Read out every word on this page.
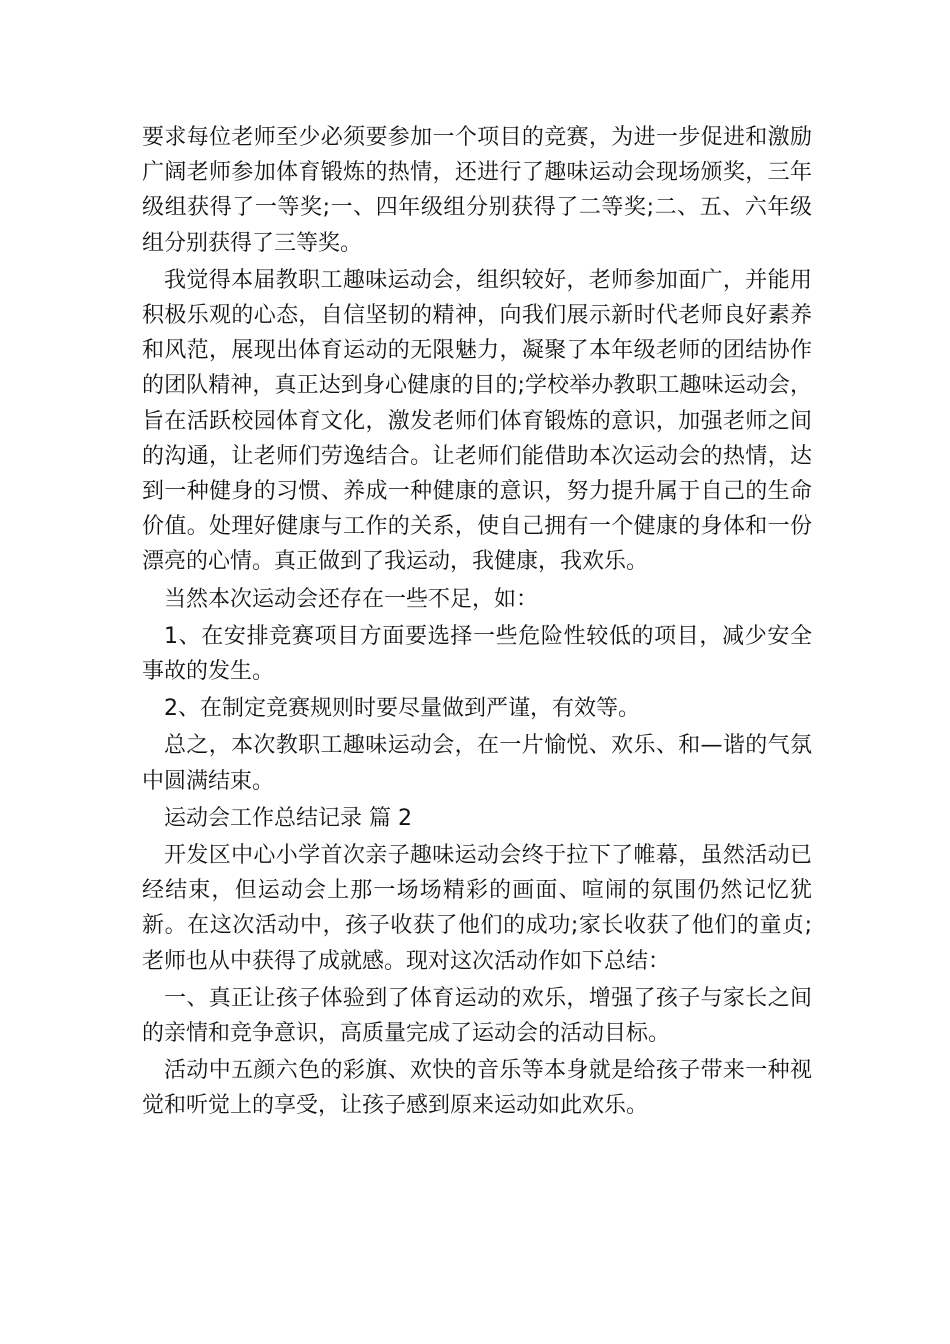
要求每位老师至少必须要参加一个项目的竞赛，为进一步促进和激励广阔老师参加体育锻炼的热情，还进行了趣味运动会现场颁奖，三年级组获得了一等奖;一、四年级组分别获得了二等奖;二、五、六年级组分别获得了三等奖。

我觉得本届教职工趣味运动会，组织较好，老师参加面广，并能用积极乐观的心态，自信坚韧的精神，向我们展示新时代老师良好素养和风范，展现出体育运动的无限魅力，凝聚了本年级老师的团结协作的团队精神，真正达到身心健康的目的;学校举办教职工趣味运动会，旨在活跃校园体育文化，激发老师们体育锻炼的意识，加强老师之间的沟通，让老师们劳逸结合。让老师们能借助本次运动会的热情，达到一种健身的习惯、养成一种健康的意识，努力提升属于自己的生命价值。处理好健康与工作的关系，使自己拥有一个健康的身体和一份漂亮的心情。真正做到了我运动，我健康，我欢乐。

当然本次运动会还存在一些不足，如：

1、在安排竞赛项目方面要选择一些危险性较低的项目，减少安全事故的发生。

2、在制定竞赛规则时要尽量做到严谨，有效等。

总之，本次教职工趣味运动会，在一片愉悦、欢乐、和—谐的气氛中圆满结束。

运动会工作总结记录 篇 2

开发区中心小学首次亲子趣味运动会终于拉下了帷幕，虽然活动已经结束，但运动会上那一场场精彩的画面、喧闹的氛围仍然记忆犹新。在这次活动中，孩子收获了他们的成功;家长收获了他们的童贞;老师也从中获得了成就感。现对这次活动作如下总结：

一、真正让孩子体验到了体育运动的欢乐，增强了孩子与家长之间的亲情和竞争意识，高质量完成了运动会的活动目标。

活动中五颜六色的彩旗、欢快的音乐等本身就是给孩子带来一种视觉和听觉上的享受，让孩子感到原来运动如此欢乐。
